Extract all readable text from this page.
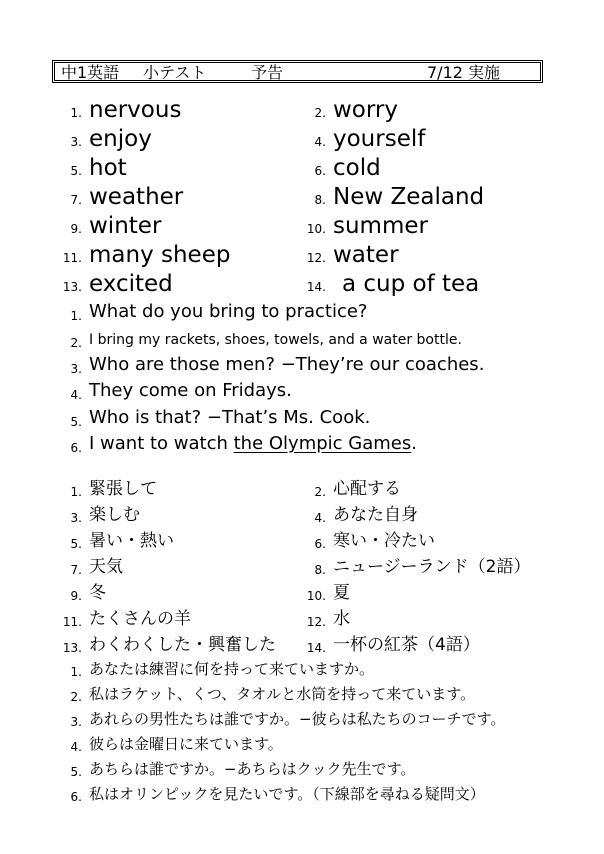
中1英語 小テスト	予告	7/12 実施
1. nervous	2. worry
3. enjoy	4. yourself
5. hot	6. cold
7. weather	8. New Zealand
9. winter	10. summer
11. many sheep	12. water
13. excited	14. a cup of tea
1. What do you bring to practice?
2. I bring my rackets, shoes, towels, and a water bottle.
3. Who are those men? −They’re our coaches.
4. They come on Fridays.
5. Who is that? −That’s Ms. Cook.
6. I want to watch the Olympic Games.
1. 緊張して	2. 心配する
3. 楽しむ	4. あなた自身
5. 暑い・熱い	6. 寒い・冷たい
7. 天気	8. ニュージーランド（2語）
9. 冬	10. 夏
11. たくさんの羊	12. 水
13. わくわくした・興奮した	14. 一杯の紅茶（4語）
1. あなたは練習に何を持って来ていますか。
2. 私はラケット、くつ、タオルと水筒を持って来ています。
3. あれらの男性たちは誰ですか。−彼らは私たちのコーチです。
4. 彼らは金曜日に来ています。
5. あちらは誰ですか。−あちらはクック先生です。
6. 私はオリンピックを見たいです。（下線部を尋ねる疑問文）
